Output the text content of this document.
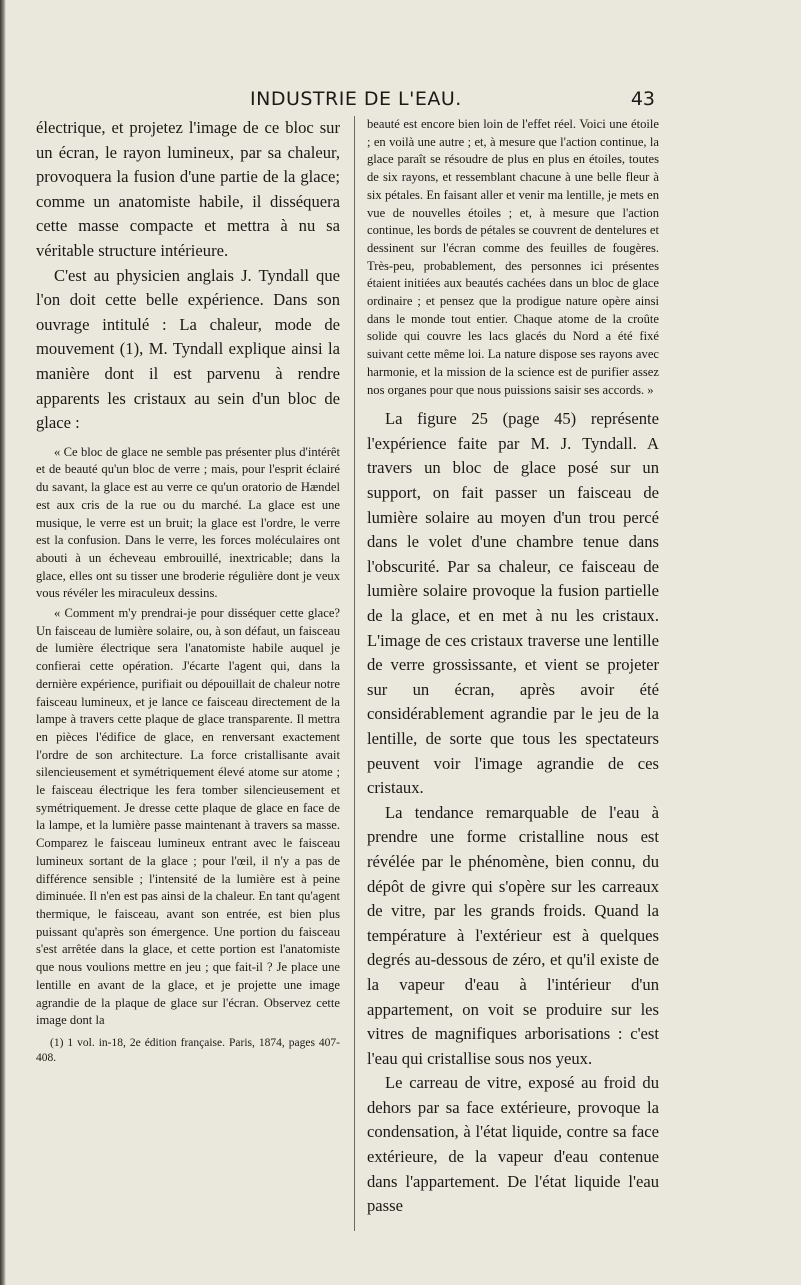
INDUSTRIE DE L'EAU.	43

électrique, et projetez l'image de ce bloc sur un écran, le rayon lumineux, par sa chaleur, provoquera la fusion d'une partie de la glace; comme un anatomiste habile, il disséquera cette masse compacte et mettra à nu sa véritable structure intérieure.

C'est au physicien anglais J. Tyndall que l'on doit cette belle expérience. Dans son ouvrage intitulé : La chaleur, mode de mouvement (1), M. Tyndall explique ainsi la manière dont il est parvenu à rendre apparents les cristaux au sein d'un bloc de glace :

« Ce bloc de glace ne semble pas présenter plus d'intérêt et de beauté qu'un bloc de verre ; mais, pour l'esprit éclairé du savant, la glace est au verre ce qu'un oratorio de Hændel est aux cris de la rue ou du marché. La glace est une musique, le verre est un bruit; la glace est l'ordre, le verre est la confusion. Dans le verre, les forces moléculaires ont abouti à un écheveau embrouillé, inextricable; dans la glace, elles ont su tisser une broderie régulière dont je veux vous révéler les miraculeux dessins.

« Comment m'y prendrai-je pour disséquer cette glace? Un faisceau de lumière solaire, ou, à son défaut, un faisceau de lumière électrique sera l'anatomiste habile auquel je confierai cette opération. J'écarte l'agent qui, dans la dernière expérience, purifiait ou dépouillait de chaleur notre faisceau lumineux, et je lance ce faisceau directement de la lampe à travers cette plaque de glace transparente. Il mettra en pièces l'édifice de glace, en renversant exactement l'ordre de son architecture. La force cristallisante avait silencieusement et symétriquement élevé atome sur atome ; le faisceau électrique les fera tomber silencieusement et symétriquement. Je dresse cette plaque de glace en face de la lampe, et la lumière passe maintenant à travers sa masse. Comparez le faisceau lumineux entrant avec le faisceau lumineux sortant de la glace ; pour l'œil, il n'y a pas de différence sensible ; l'intensité de la lumière est à peine diminuée. Il n'en est pas ainsi de la chaleur. En tant qu'agent thermique, le faisceau, avant son entrée, est bien plus puissant qu'après son émergence. Une portion du faisceau s'est arrêtée dans la glace, et cette portion est l'anatomiste que nous voulions mettre en jeu ; que fait-il ? Je place une lentille en avant de la glace, et je projette une image agrandie de la plaque de glace sur l'écran. Observez cette image dont la

(1) 1 vol. in-18, 2e édition française. Paris, 1874, pages 407-408.

beauté est encore bien loin de l'effet réel. Voici une étoile ; en voilà une autre ; et, à mesure que l'action continue, la glace paraît se résoudre de plus en plus en étoiles, toutes de six rayons, et ressemblant chacune à une belle fleur à six pétales. En faisant aller et venir ma lentille, je mets en vue de nouvelles étoiles ; et, à mesure que l'action continue, les bords de pétales se couvrent de dentelures et dessinent sur l'écran comme des feuilles de fougères. Très-peu, probablement, des personnes ici présentes étaient initiées aux beautés cachées dans un bloc de glace ordinaire ; et pensez que la prodigue nature opère ainsi dans le monde tout entier. Chaque atome de la croûte solide qui couvre les lacs glacés du Nord a été fixé suivant cette même loi. La nature dispose ses rayons avec harmonie, et la mission de la science est de purifier assez nos organes pour que nous puissions saisir ses accords. »

La figure 25 (page 45) représente l'expérience faite par M. J. Tyndall. A travers un bloc de glace posé sur un support, on fait passer un faisceau de lumière solaire au moyen d'un trou percé dans le volet d'une chambre tenue dans l'obscurité. Par sa chaleur, ce faisceau de lumière solaire provoque la fusion partielle de la glace, et en met à nu les cristaux. L'image de ces cristaux traverse une lentille de verre grossissante, et vient se projeter sur un écran, après avoir été considérablement agrandie par le jeu de la lentille, de sorte que tous les spectateurs peuvent voir l'image agrandie de ces cristaux.

La tendance remarquable de l'eau à prendre une forme cristalline nous est révélée par le phénomène, bien connu, du dépôt de givre qui s'opère sur les carreaux de vitre, par les grands froids. Quand la température à l'extérieur est à quelques degrés au-dessous de zéro, et qu'il existe de la vapeur d'eau à l'intérieur d'un appartement, on voit se produire sur les vitres de magnifiques arborisations : c'est l'eau qui cristallise sous nos yeux.

Le carreau de vitre, exposé au froid du dehors par sa face extérieure, provoque la condensation, à l'état liquide, contre sa face extérieure, de la vapeur d'eau contenue dans l'appartement. De l'état liquide l'eau passe
